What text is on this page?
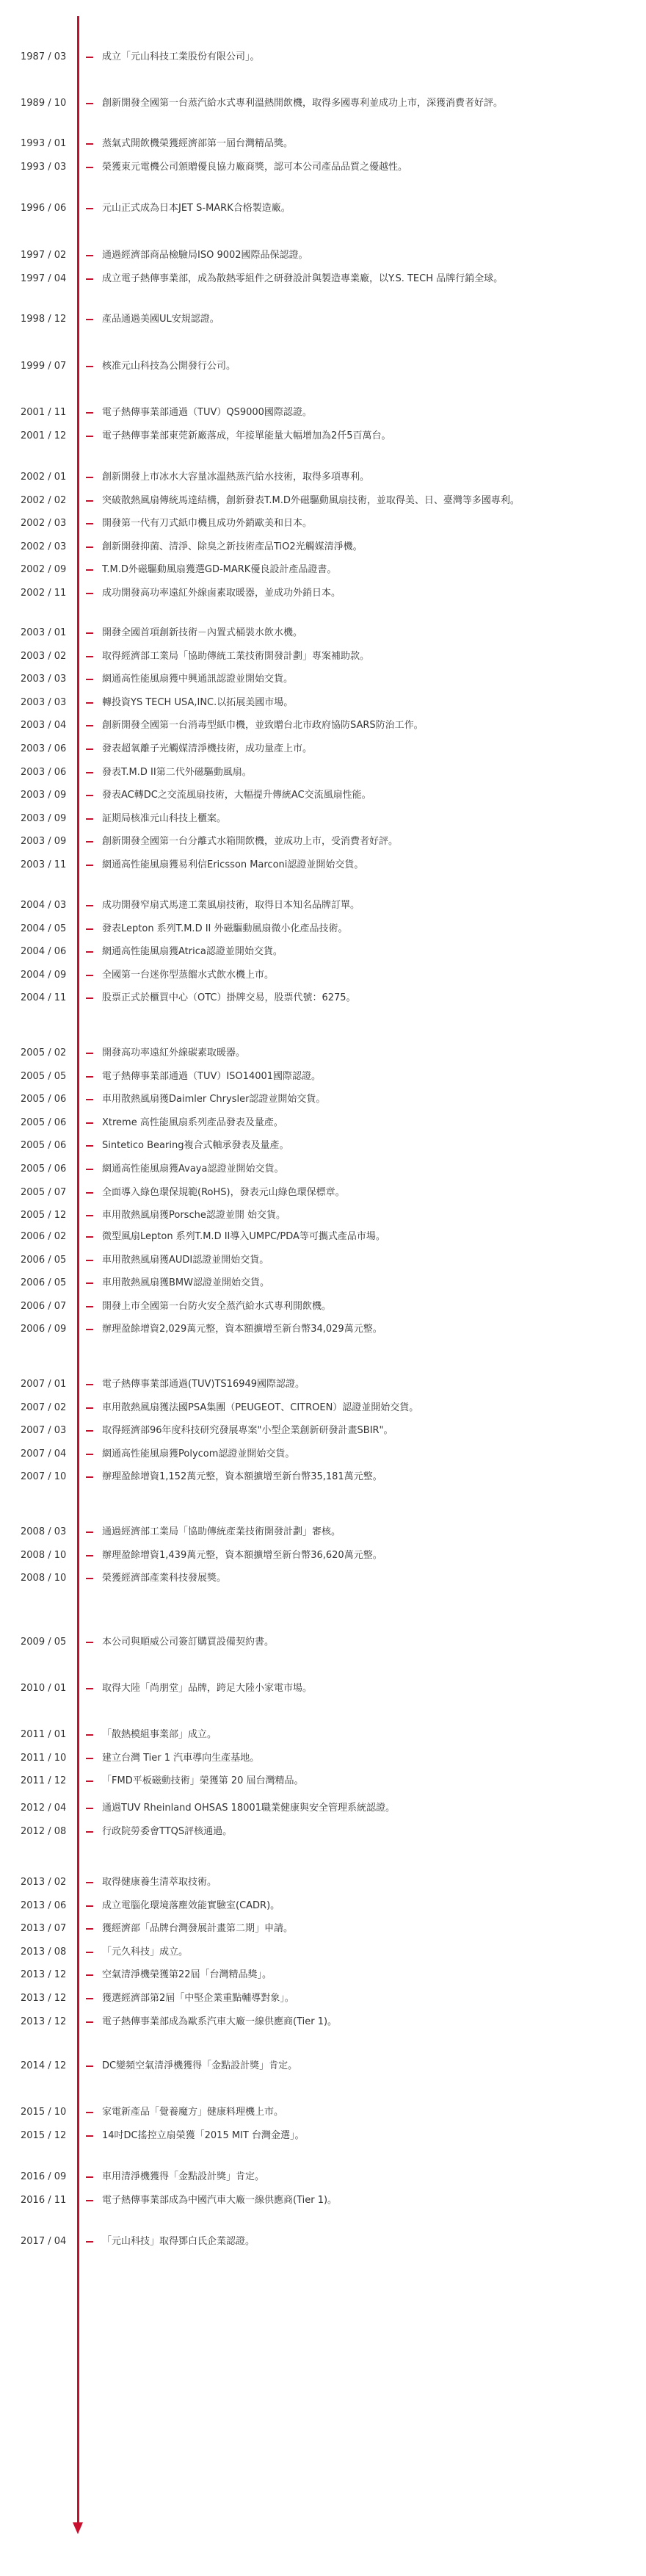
1987 / 03	成立「元山科技工業股份有限公司」。
1989 / 10	創新開發全國第一台蒸汽給水式專利溫熱開飲機，取得多國專利並成功上市，深獲消費者好評。
1993 / 01	蒸氣式開飲機榮獲經濟部第一屆台灣精品獎。
1993 / 03	榮獲東元電機公司頒贈優良協力廠商獎，認可本公司產品品質之優越性。
1996 / 06	元山正式成為日本JET S-MARK合格製造廠。
1997 / 02	通過經濟部商品檢驗局ISO 9002國際品保認證。
1997 / 04	成立電子熱傳事業部，成為散熱零組件之研發設計與製造專業廠，以Y.S. TECH 品牌行銷全球。
1998 / 12	產品通過美國UL安規認證。
1999 / 07	核准元山科技為公開發行公司。
2001 / 11	電子熱傳事業部通過（TUV）QS9000國際認證。
2001 / 12	電子熱傳事業部東莞新廠落成，年接單能量大幅增加為2仟5百萬台。
2002 / 01	創新開發上市冰水大容量冰溫熱蒸汽給水技術，取得多項專利。
2002 / 02	突破散熱風扇傳統馬達結構，創新發表T.M.D外磁驅動風扇技術，並取得美、日、臺灣等多國專利。
2002 / 03	開發第一代有刀式紙巾機且成功外銷歐美和日本。
2002 / 03	創新開發抑菌、清淨、除臭之新技術產品TiO2光觸媒清淨機。
2002 / 09	T.M.D外磁驅動風扇獲選GD-MARK優良設計產品證書。
2002 / 11	成功開發高功率遠紅外線鹵素取暖器，並成功外銷日本。
2003 / 01	開發全國首項創新技術－內置式桶裝水飲水機。
2003 / 02	取得經濟部工業局「協助傳統工業技術開發計劃」專案補助款。
2003 / 03	網通高性能風扇獲中興通訊認證並開始交貨。
2003 / 03	轉投資YS TECH USA,INC.以拓展美國市場。
2003 / 04	創新開發全國第一台消毒型紙巾機，並致贈台北市政府協防SARS防治工作。
2003 / 06	發表超氧離子光觸媒清淨機技術，成功量產上市。
2003 / 06	發表T.M.D II第二代外磁驅動風扇。
2003 / 09	發表AC轉DC之交流風扇技術，大幅提升傳統AC交流風扇性能。
2003 / 09	証期局核准元山科技上櫃案。
2003 / 09	創新開發全國第一台分離式水箱開飲機，並成功上市，受消費者好評。
2003 / 11	網通高性能風扇獲易利信Ericsson Marconi認證並開始交貨。
2004 / 03	成功開發窄扇式馬達工業風扇技術，取得日本知名品牌訂單。
2004 / 05	發表Lepton 系列T.M.D II 外磁驅動風扇微小化產品技術。
2004 / 06	網通高性能風扇獲Atrica認證並開始交貨。
2004 / 09	全國第一台迷你型蒸餾水式飲水機上市。
2004 / 11	股票正式於櫃買中心（OTC）掛牌交易，股票代號：6275。
2005 / 02	開發高功率遠紅外線碳素取暖器。
2005 / 05	電子熱傳事業部通過（TUV）ISO14001國際認證。
2005 / 06	車用散熱風扇獲Daimler Chrysler認證並開始交貨。
2005 / 06	Xtreme 高性能風扇系列產品發表及量產。
2005 / 06	Sintetico Bearing複合式軸承發表及量產。
2005 / 06	網通高性能風扇獲Avaya認證並開始交貨。
2005 / 07	全面導入綠色環保規範(RoHS)，發表元山綠色環保標章。
2005 / 12	車用散熱風扇獲Porsche認證並開 始交貨。
2006 / 02	微型風扇Lepton 系列T.M.D II導入UMPC/PDA等可攜式產品市場。
2006 / 05	車用散熱風扇獲AUDI認證並開始交貨。
2006 / 05	車用散熱風扇獲BMW認證並開始交貨。
2006 / 07	開發上市全國第一台防火安全蒸汽給水式專利開飲機。
2006 / 09	辦理盈餘增資2,029萬元整，資本額擴增至新台幣34,029萬元整。
2007 / 01	電子熱傳事業部通過(TUV)TS16949國際認證。
2007 / 02	車用散熱風扇獲法國PSA集團（PEUGEOT、CITROEN）認證並開始交貨。
2007 / 03	取得經濟部96年度科技研究發展專案"小型企業創新研發計畫SBIR"。
2007 / 04	網通高性能風扇獲Polycom認證並開始交貨。
2007 / 10	辦理盈餘增資1,152萬元整，資本額擴增至新台幣35,181萬元整。
2008 / 03	通過經濟部工業局「協助傳統產業技術開發計劃」審核。
2008 / 10	辦理盈餘增資1,439萬元整，資本額擴增至新台幣36,620萬元整。
2008 / 10	榮獲經濟部產業科技發展獎。
2009 / 05	本公司與順威公司簽訂購買設備契約書。
2010 / 01	取得大陸「尚朋堂」品牌，跨足大陸小家電市場。
2011 / 01	「散熱模組事業部」成立。
2011 / 10	建立台灣 Tier 1 汽車導向生產基地。
2011 / 12	「FMD平板磁動技術」榮獲第 20 屆台灣精品。
2012 / 04	通過TUV Rheinland OHSAS 18001職業健康與安全管理系統認證。
2012 / 08	行政院勞委會TTQS評核通過。
2013 / 02	取得健康養生清萃取技術。
2013 / 06	成立電腦化環境落塵效能實驗室(CADR)。
2013 / 07	獲經濟部「品牌台灣發展計畫第二期」申請。
2013 / 08	「元久科技」成立。
2013 / 12	空氣清淨機榮獲第22屆「台灣精品獎」。
2013 / 12	獲選經濟部第2屆「中堅企業重點輔導對象」。
2013 / 12	電子熱傳事業部成為歐系汽車大廠一線供應商(Tier 1)。
2014 / 12	DC變頻空氣清淨機獲得「金點設計獎」肯定。
2015 / 10	家電新產品「覺養魔方」健康料理機上市。
2015 / 12	14吋DC搖控立扇榮獲「2015 MIT 台灣金選」。
2016 / 09	車用清淨機獲得「金點設計獎」肯定。
2016 / 11	電子熱傳事業部成為中國汽車大廠一線供應商(Tier 1)。
2017 / 04	「元山科技」取得鄧白氏企業認證。
